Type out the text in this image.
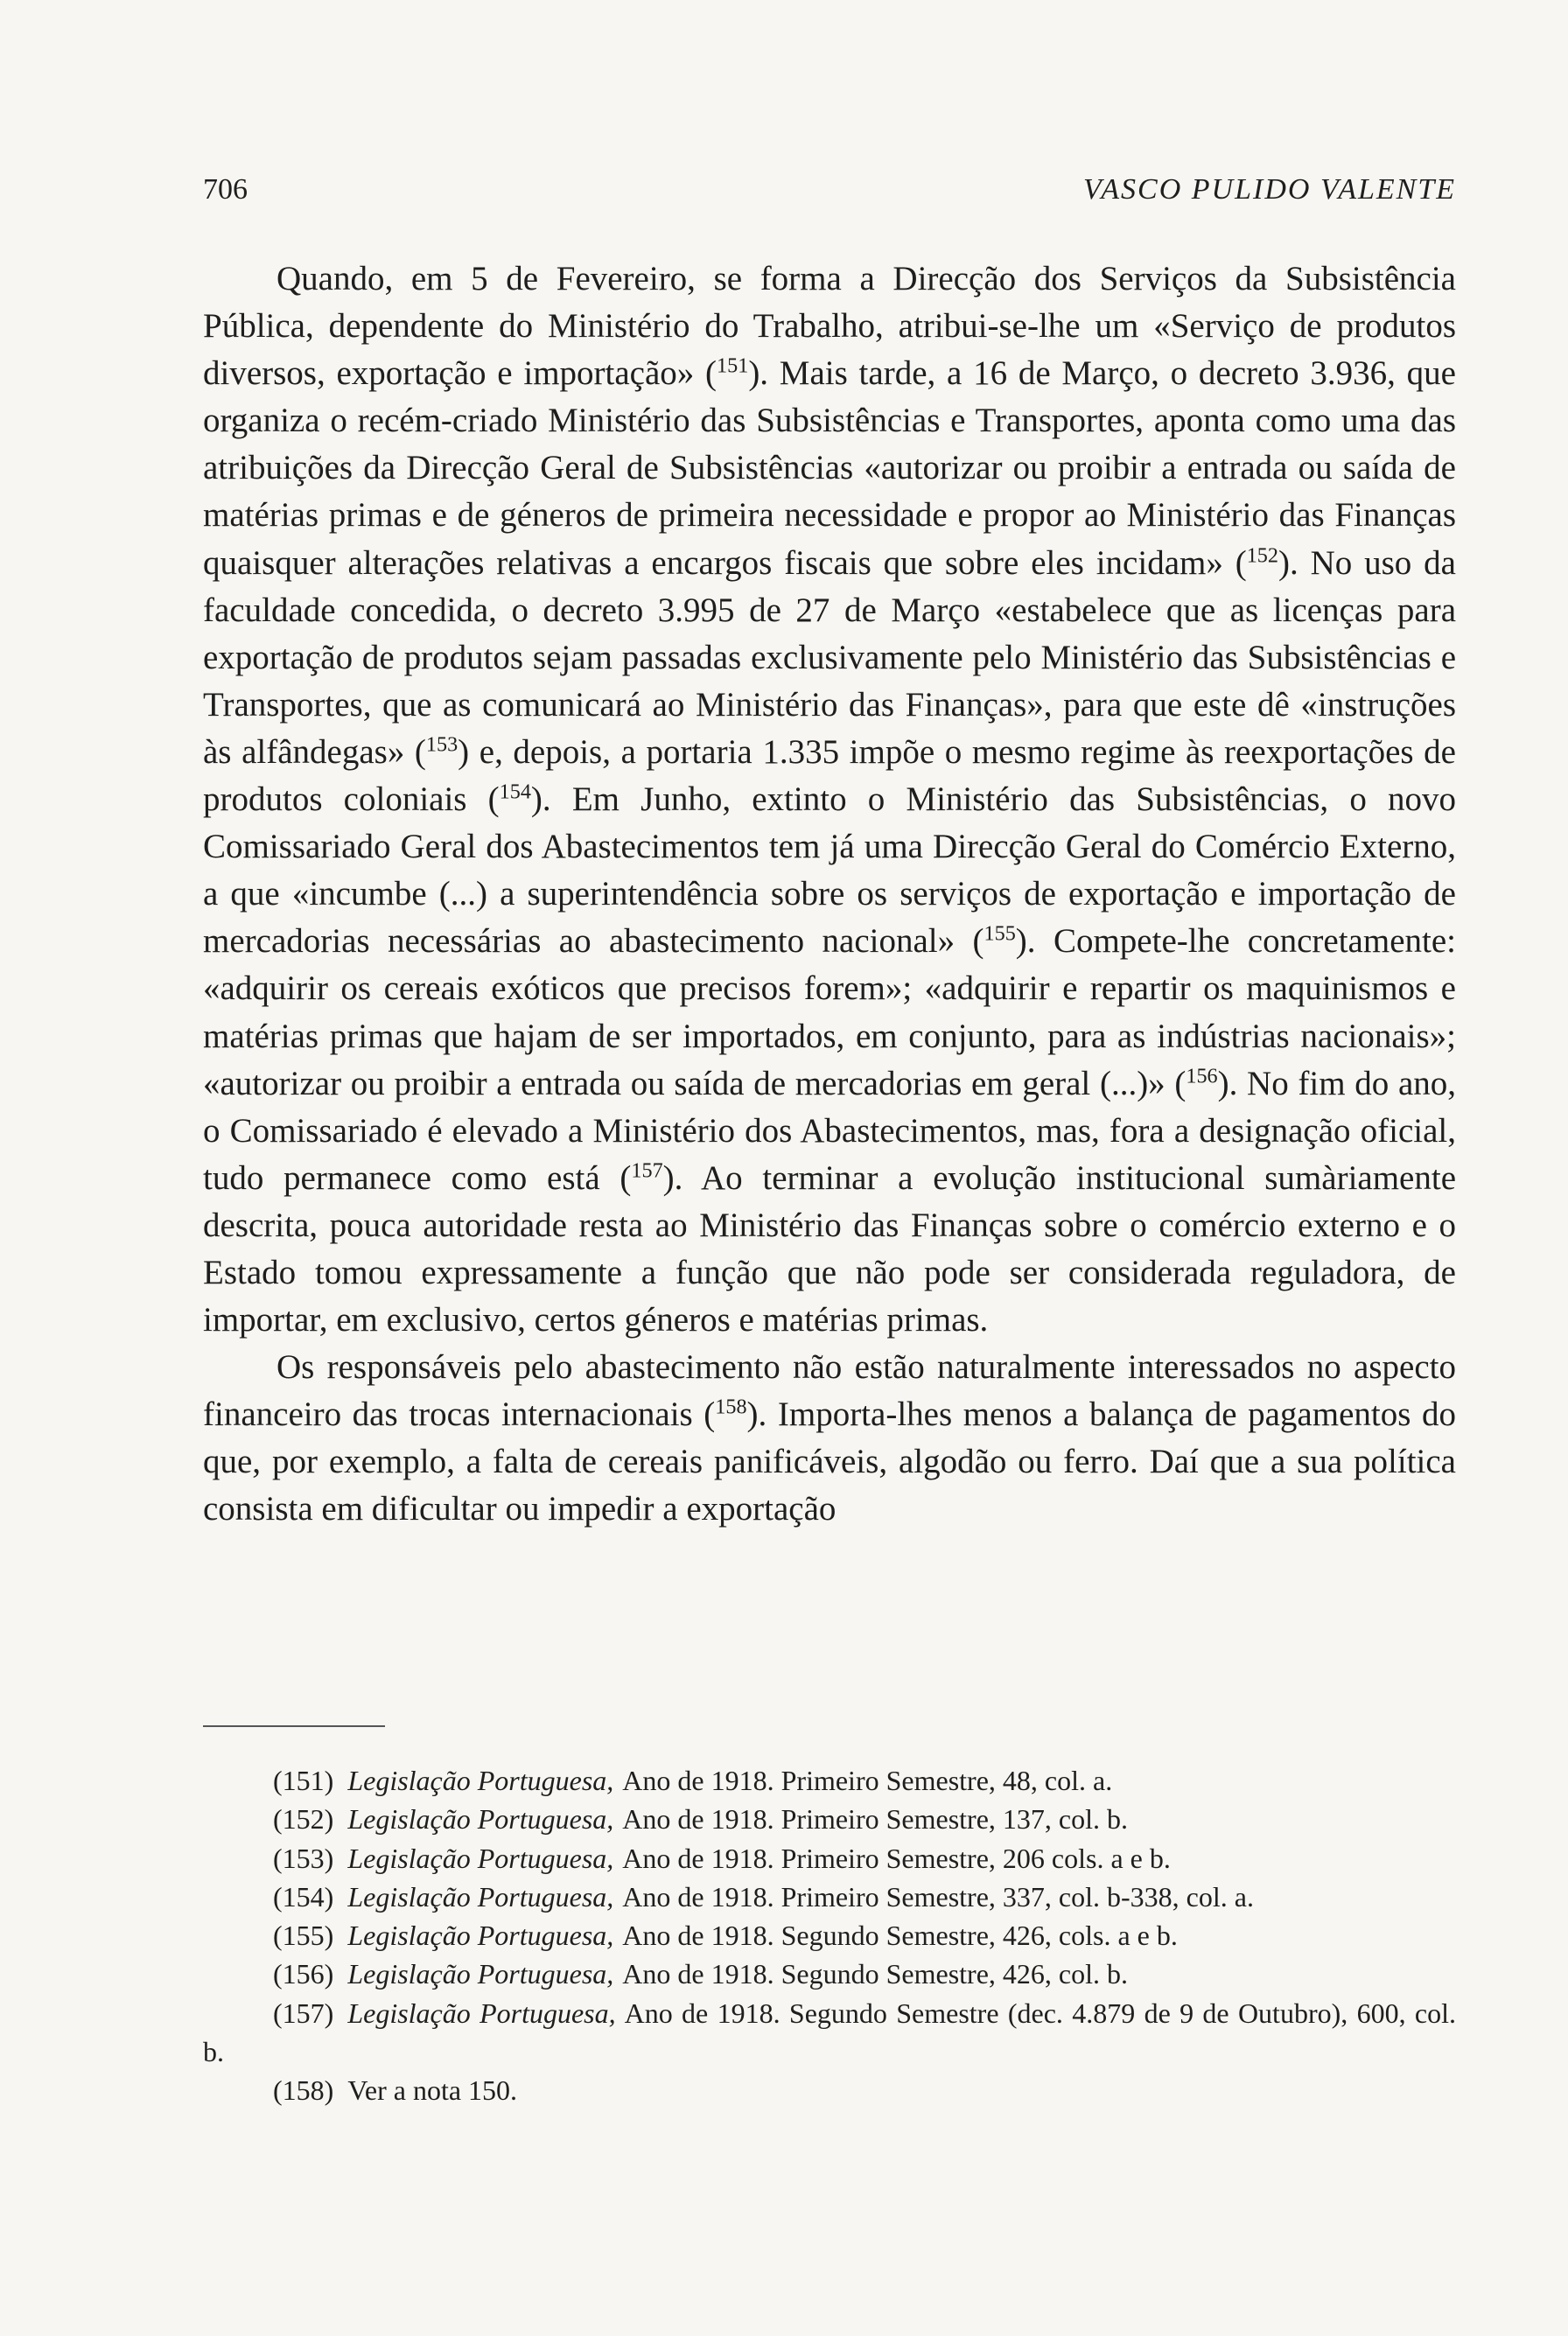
706	VASCO PULIDO VALENTE

Quando, em 5 de Fevereiro, se forma a Direcção dos Serviços da Subsistência Pública, dependente do Ministério do Trabalho, atribui-se-lhe um «Serviço de produtos diversos, exportação e importação» ($^{151}$). Mais tarde, a 16 de Março, o decreto 3.936, que organiza o recém-criado Ministério das Subsistências e Transportes, aponta como uma das atribuições da Direcção Geral de Subsistências «autorizar ou proibir a entrada ou saída de matérias primas e de géneros de primeira necessidade e propor ao Ministério das Finanças quaisquer alterações relativas a encargos fiscais que sobre eles incidam» ($^{152}$). No uso da faculdade concedida, o decreto 3.995 de 27 de Março «estabelece que as licenças para exportação de produtos sejam passadas exclusivamente pelo Ministério das Subsistências e Transportes, que as comunicará ao Ministério das Finanças», para que este dê «instruções às alfândegas» ($^{153}$) e, depois, a portaria 1.335 impõe o mesmo regime às reexportações de produtos coloniais ($^{154}$). Em Junho, extinto o Ministério das Subsistências, o novo Comissariado Geral dos Abastecimentos tem já uma Direcção Geral do Comércio Externo, a que «incumbe (...) a superintendência sobre os serviços de exportação e importação de mercadorias necessárias ao abastecimento nacional» ($^{155}$). Compete-lhe concretamente: «adquirir os cereais exóticos que precisos forem»; «adquirir e repartir os maquinismos e matérias primas que hajam de ser importados, em conjunto, para as indústrias nacionais»; «autorizar ou proibir a entrada ou saída de mercadorias em geral (...)» ($^{156}$). No fim do ano, o Comissariado é elevado a Ministério dos Abastecimentos, mas, fora a designação oficial, tudo permanece como está ($^{157}$). Ao terminar a evolução institucional sumàriamente descrita, pouca autoridade resta ao Ministério das Finanças sobre o comércio externo e o Estado tomou expressamente a função que não pode ser considerada reguladora, de importar, em exclusivo, certos géneros e matérias primas.

Os responsáveis pelo abastecimento não estão naturalmente interessados no aspecto financeiro das trocas internacionais ($^{158}$). Importa-lhes menos a balança de pagamentos do que, por exemplo, a falta de cereais panificáveis, algodão ou ferro. Daí que a sua política consista em dificultar ou impedir a exportação

(151) Legislação Portuguesa, Ano de 1918. Primeiro Semestre, 48, col. a.

(152) Legislação Portuguesa, Ano de 1918. Primeiro Semestre, 137, col. b.

(153) Legislação Portuguesa, Ano de 1918. Primeiro Semestre, 206 cols. a e b.

(154) Legislação Portuguesa, Ano de 1918. Primeiro Semestre, 337, col. b-338, col. a.

(155) Legislação Portuguesa, Ano de 1918. Segundo Semestre, 426, cols. a e b.

(156) Legislação Portuguesa, Ano de 1918. Segundo Semestre, 426, col. b.

(157) Legislação Portuguesa, Ano de 1918. Segundo Semestre (dec. 4.879 de 9 de Outubro), 600, col. b.

(158) Ver a nota 150.
